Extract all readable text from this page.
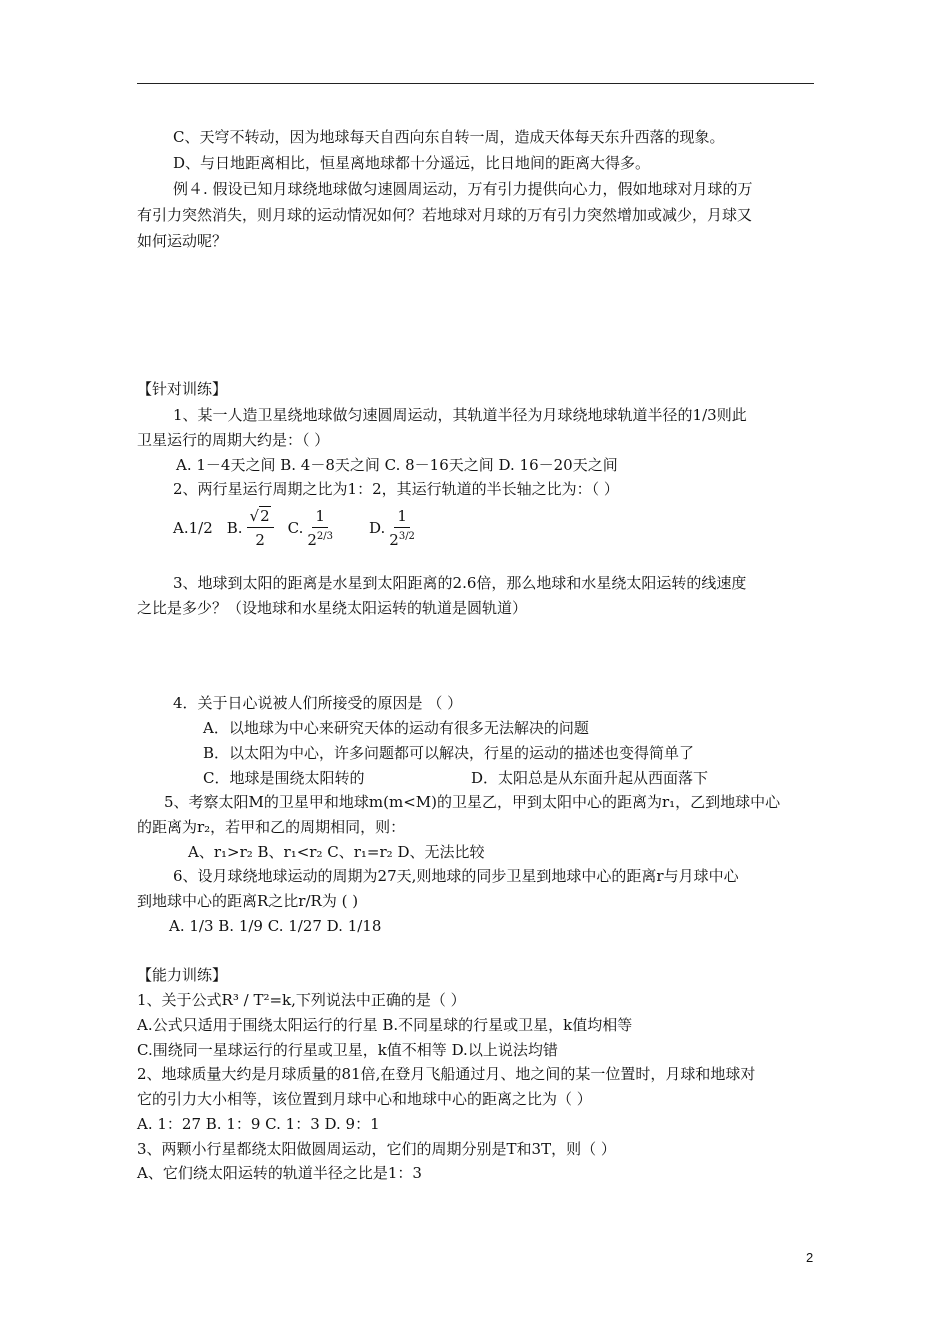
C、天穹不转动，因为地球每天自西向东自转一周，造成天体每天东升西落的现象。
D、与日地距离相比，恒星离地球都十分遥远，比日地间的距离大得多。
例４. 假设已知月球绕地球做匀速圆周运动，万有引力提供向心力，假如地球对月球的万
有引力突然消失，则月球的运动情况如何？若地球对月球的万有引力突然增加或减少，月球又
如何运动呢？
【针对训练】
1、某一人造卫星绕地球做匀速圆周运动，其轨道半径为月球绕地球轨道半径的1/3则此
卫星运行的周期大约是：（ ）
A. 1－4天之间 B. 4－8天之间 C. 8－16天之间 D. 16－20天之间
2、两行星运行周期之比为1：2，其运行轨道的半长轴之比为：（ ）
A.1/2 B. $\frac{√2}{2} C$. $\frac{1}{2^{2/3}} D$. $\frac{1}{2^{3/2}}$
3、地球到太阳的距离是水星到太阳距离的2.6倍，那么地球和水星绕太阳运转的线速度
之比是多少？（设地球和水星绕太阳运转的轨道是圆轨道）
4．关于日心说被人们所接受的原因是 （ ）
A．以地球为中心来研究天体的运动有很多无法解决的问题
B．以太阳为中心，许多问题都可以解决，行星的运动的描述也变得简单了
C．地球是围绕太阳转的	D．太阳总是从东面升起从西面落下
5、考察太阳M的卫星甲和地球m(m<M)的卫星乙，甲到太阳中心的距离为r₁，乙到地球中心
的距离为r₂，若甲和乙的周期相同，则：
A、r₁>r₂ B、r₁<r₂ C、r₁=r₂ D、无法比较
6、设月球绕地球运动的周期为27天,则地球的同步卫星到地球中心的距离r与月球中心
到地球中心的距离R之比r/R为 ( )
A. 1/3 B. 1/9 C. 1/27 D. 1/18
【能力训练】
1、关于公式R³ / T²=k,下列说法中正确的是（ ）
A.公式只适用于围绕太阳运行的行星 B.不同星球的行星或卫星，k值均相等
C.围绕同一星球运行的行星或卫星，k值不相等 D.以上说法均错
2、地球质量大约是月球质量的81倍,在登月飞船通过月、地之间的某一位置时，月球和地球对
它的引力大小相等，该位置到月球中心和地球中心的距离之比为（ ）
A. 1：27 B. 1：9 C. 1：3 D. 9：1
3、两颗小行星都绕太阳做圆周运动，它们的周期分别是T和3T，则（ ）
A、它们绕太阳运转的轨道半径之比是1：3
2
